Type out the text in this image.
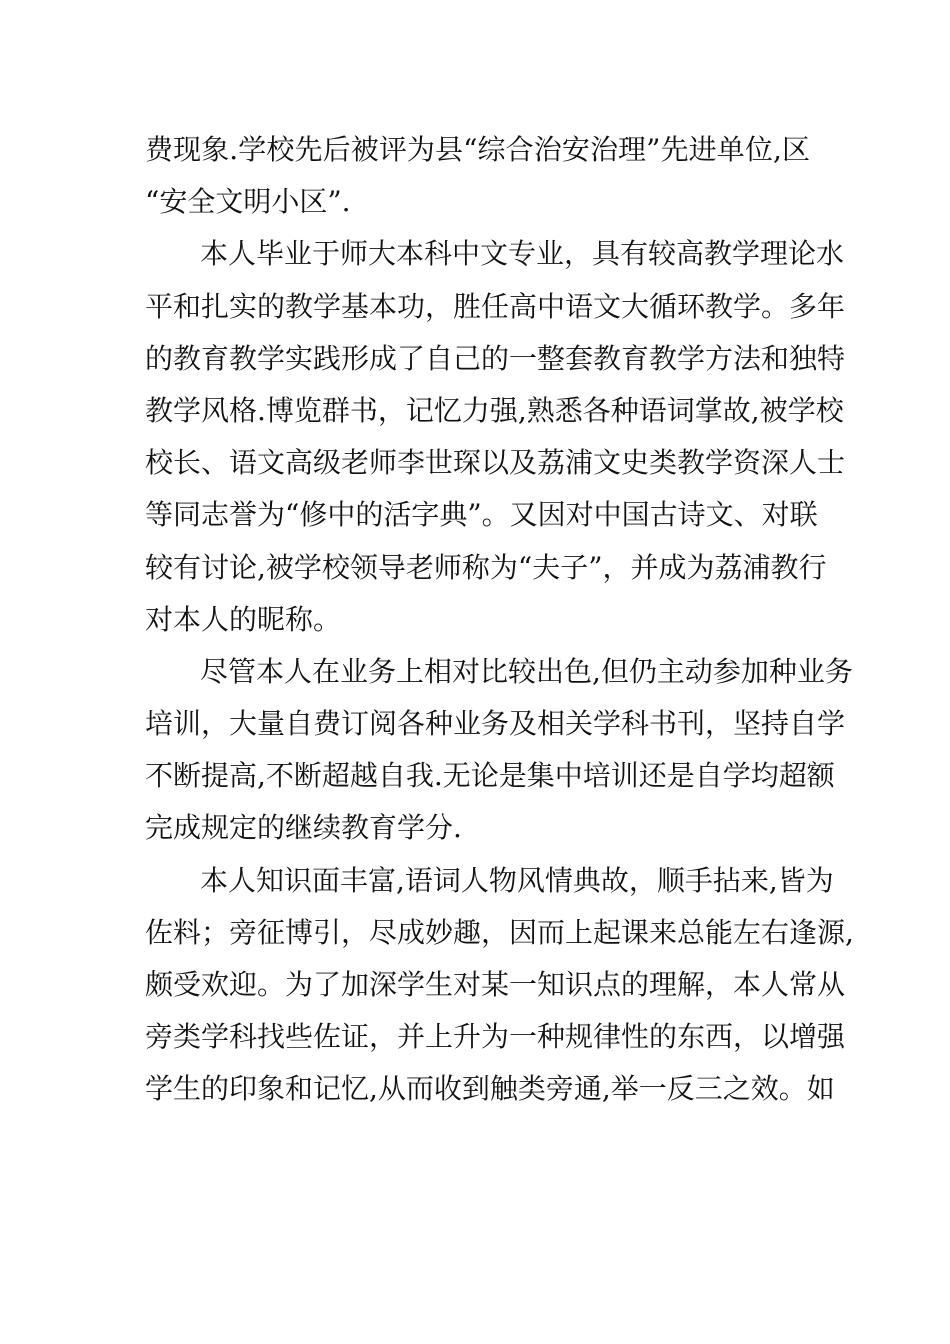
费现象.学校先后被评为县“综合治安治理”先进单位,区
“安全文明小区”.
本人毕业于师大本科中文专业，具有较高教学理论水
平和扎实的教学基本功，胜任高中语文大循环教学。多年
的教育教学实践形成了自己的一整套教育教学方法和独特
教学风格.博览群书，记忆力强,熟悉各种语词掌故,被学校
校长、语文高级老师李世琛以及荔浦文史类教学资深人士
等同志誉为“修中的活字典”。又因对中国古诗文、对联
较有讨论,被学校领导老师称为“夫子”，并成为荔浦教行
对本人的昵称。
尽管本人在业务上相对比较出色,但仍主动参加种业务
培训，大量自费订阅各种业务及相关学科书刊，坚持自学
不断提高,不断超越自我.无论是集中培训还是自学均超额
完成规定的继续教育学分.
本人知识面丰富,语词人物风情典故，顺手拈来,皆为
佐料；旁征博引，尽成妙趣，因而上起课来总能左右逢源,
颇受欢迎。为了加深学生对某一知识点的理解，本人常从
旁类学科找些佐证，并上升为一种规律性的东西，以增强
学生的印象和记忆,从而收到触类旁通,举一反三之效。如
